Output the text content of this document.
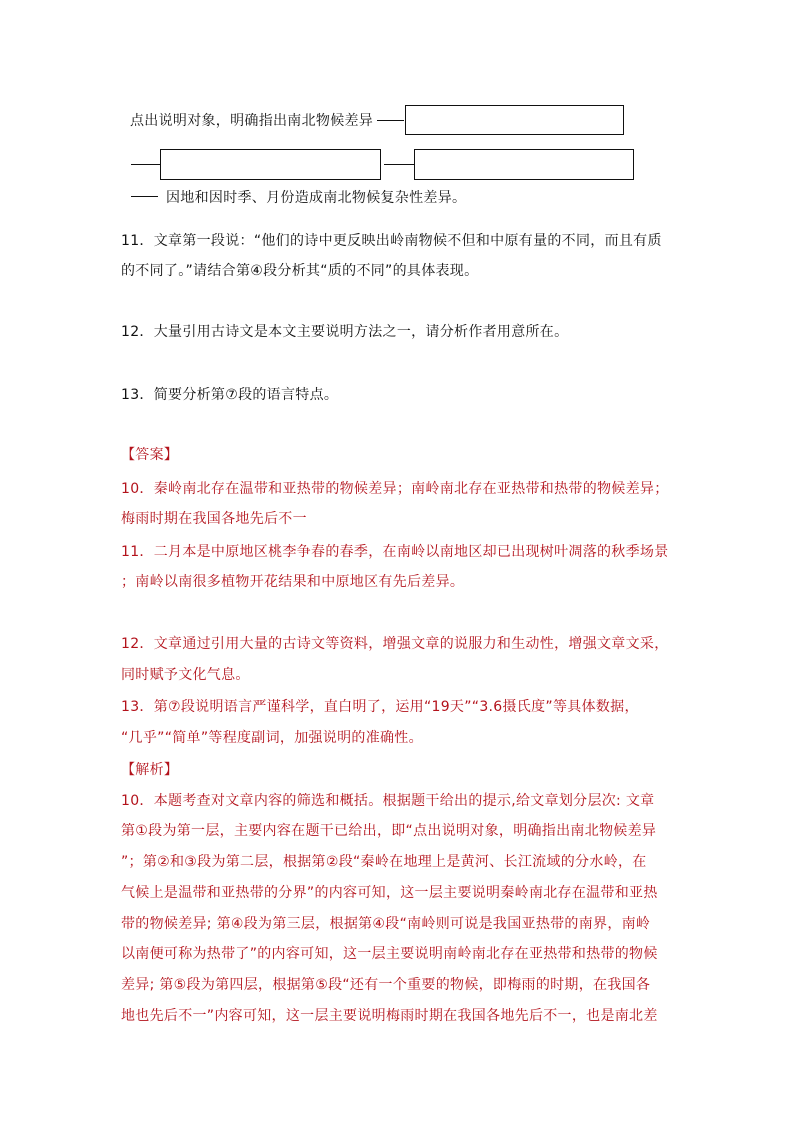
点出说明对象，明确指出南北物候差异
因地和因时季、月份造成南北物候复杂性差异。
11．文章第一段说：“他们的诗中更反映出岭南物候不但和中原有量的不同，而且有质
的不同了。”请结合第④段分析其“质的不同”的具体表现。
12．大量引用古诗文是本文主要说明方法之一，请分析作者用意所在。
13．简要分析第⑦段的语言特点。
【答案】
10．秦岭南北存在温带和亚热带的物候差异；南岭南北存在亚热带和热带的物候差异；
梅雨时期在我国各地先后不一
11．二月本是中原地区桃李争春的春季，在南岭以南地区却已出现树叶凋落的秋季场景
；南岭以南很多植物开花结果和中原地区有先后差异。
12．文章通过引用大量的古诗文等资料，增强文章的说服力和生动性，增强文章文采，
同时赋予文化气息。
13．第⑦段说明语言严谨科学，直白明了，运用“19天”“3.6摄氏度”等具体数据，
“几乎”“简单”等程度副词，加强说明的准确性。
【解析】
10．本题考查对文章内容的筛选和概括。根据题干给出的提示,给文章划分层次: 文章
第①段为第一层，主要内容在题干已给出，即“点出说明对象，明确指出南北物候差异
”；第②和③段为第二层，根据第②段“秦岭在地理上是黄河、长江流域的分水岭，在
气候上是温带和亚热带的分界”的内容可知，这一层主要说明秦岭南北存在温带和亚热
带的物候差异; 第④段为第三层，根据第④段“南岭则可说是我国亚热带的南界，南岭
以南便可称为热带了”的内容可知，这一层主要说明南岭南北存在亚热带和热带的物候
差异; 第⑤段为第四层，根据第⑤段“还有一个重要的物候，即梅雨的时期，在我国各
地也先后不一”内容可知，这一层主要说明梅雨时期在我国各地先后不一，也是南北差
